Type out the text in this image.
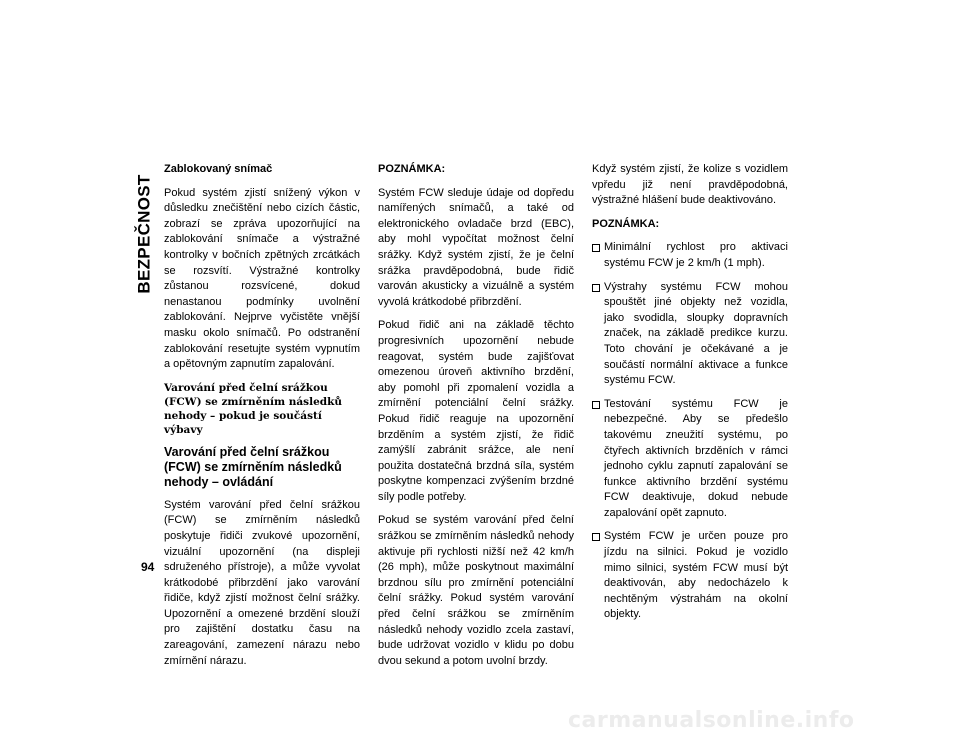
BEZPEČNOST
94

Zablokovaný snímač

Pokud systém zjistí snížený výkon v důsledku znečištění nebo cizích částic, zobrazí se zpráva upozorňující na zablokování snímače a výstražné kontrolky v bočních zpětných zrcátkách se rozsvítí. Výstražné kontrolky zůstanou rozsvícené, dokud nenastanou podmínky uvolnění zablokování. Nejprve vyčistěte vnější masku okolo snímačů. Po odstranění zablokování resetujte systém vypnutím a opětovným zapnutím zapalování.

Varování před čelní srážkou (FCW) se zmírněním následků nehody – pokud je součástí výbavy

Varování před čelní srážkou (FCW) se zmírněním následků nehody – ovládání

Systém varování před čelní srážkou (FCW) se zmírněním následků poskytuje řidiči zvukové upozornění, vizuální upozornění (na displeji sdruženého přístroje), a může vyvolat krátkodobé přibrzdění jako varování řidiče, když zjistí možnost čelní srážky. Upozornění a omezené brzdění slouží pro zajištění dostatku času na zareagování, zamezení nárazu nebo zmírnění nárazu.

POZNÁMKA:

Systém FCW sleduje údaje od dopředu namířených snímačů, a také od elektronického ovladače brzd (EBC), aby mohl vypočítat možnost čelní srážky. Když systém zjistí, že je čelní srážka pravděpodobná, bude řidič varován akusticky a vizuálně a systém vyvolá krátkodobé přibrzdění.

Pokud řidič ani na základě těchto progresivních upozornění nebude reagovat, systém bude zajišťovat omezenou úroveň aktivního brzdění, aby pomohl při zpomalení vozidla a zmírnění potenciální čelní srážky. Pokud řidič reaguje na upozornění brzděním a systém zjistí, že řidič zamýšlí zabránit srážce, ale není použita dostatečná brzdná síla, systém poskytne kompenzaci zvýšením brzdné síly podle potřeby.

Pokud se systém varování před čelní srážkou se zmírněním následků nehody aktivuje při rychlosti nižší než 42 km/h (26 mph), může poskytnout maximální brzdnou sílu pro zmírnění potenciální čelní srážky. Pokud systém varování před čelní srážkou se zmírněním následků nehody vozidlo zcela zastaví, bude udržovat vozidlo v klidu po dobu dvou sekund a potom uvolní brzdy.

Když systém zjistí, že kolize s vozidlem vpředu již není pravděpodobná, výstražné hlášení bude deaktivováno.

POZNÁMKA:

Minimální rychlost pro aktivaci systému FCW je 2 km/h (1 mph).
Výstrahy systému FCW mohou spouštět jiné objekty než vozidla, jako svodidla, sloupky dopravních značek, na základě predikce kurzu. Toto chování je očekávané a je součástí normální aktivace a funkce systému FCW.
Testování systému FCW je nebezpečné. Aby se předešlo takovému zneužití systému, po čtyřech aktivních brzděních v rámci jednoho cyklu zapnutí zapalování se funkce aktivního brzdění systému FCW deaktivuje, dokud nebude zapalování opět zapnuto.
Systém FCW je určen pouze pro jízdu na silnici. Pokud je vozidlo mimo silnici, systém FCW musí být deaktivován, aby nedocházelo k nechtěným výstrahám na okolní objekty.
carmanualsonline.info
